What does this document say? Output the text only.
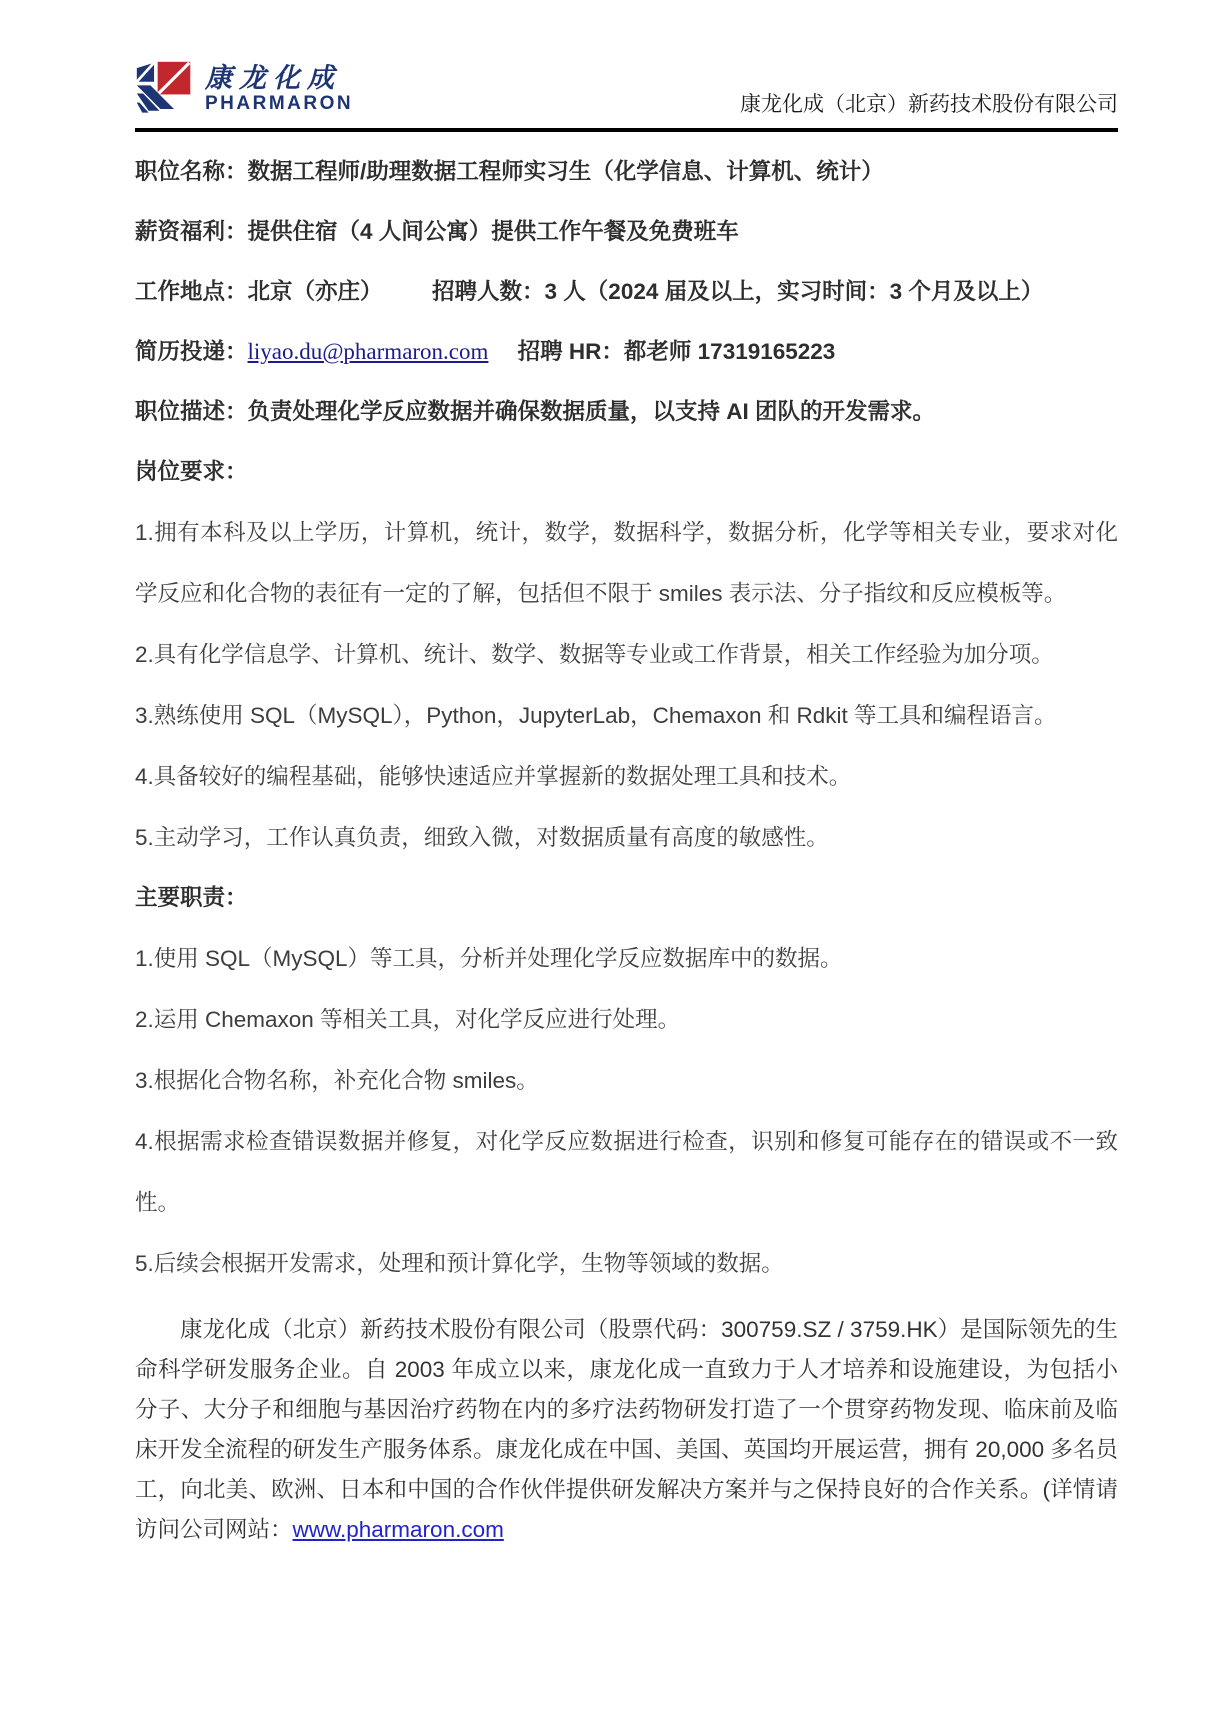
康龙化成
PHARMARON	康龙化成（北京）新药技术股份有限公司
职位名称：数据工程师/助理数据工程师实习生（化学信息、计算机、统计）
薪资福利：提供住宿（4 人间公寓）提供工作午餐及免费班车
工作地点：北京（亦庄） 招聘人数：3 人（2024 届及以上，实习时间：3 个月及以上）
简历投递：liyao.du@pharmaron.com 招聘 HR：都老师 17319165223
职位描述：负责处理化学反应数据并确保数据质量，以支持 AI 团队的开发需求。
岗位要求：
1.拥有本科及以上学历，计算机，统计，数学，数据科学，数据分析，化学等相关专业，要求对化学反应和化合物的表征有一定的了解，包括但不限于 smiles 表示法、分子指纹和反应模板等。
2.具有化学信息学、计算机、统计、数学、数据等专业或工作背景，相关工作经验为加分项。
3.熟练使用 SQL（MySQL），Python，JupyterLab，Chemaxon 和 Rdkit 等工具和编程语言。
4.具备较好的编程基础，能够快速适应并掌握新的数据处理工具和技术。
5.主动学习，工作认真负责，细致入微，对数据质量有高度的敏感性。
主要职责：
1.使用 SQL（MySQL）等工具，分析并处理化学反应数据库中的数据。
2.运用 Chemaxon 等相关工具，对化学反应进行处理。
3.根据化合物名称，补充化合物 smiles。
4.根据需求检查错误数据并修复，对化学反应数据进行检查，识别和修复可能存在的错误或不一致性。
5.后续会根据开发需求，处理和预计算化学，生物等领域的数据。
康龙化成（北京）新药技术股份有限公司（股票代码：300759.SZ / 3759.HK）是国际领先的生命科学研发服务企业。自 2003 年成立以来，康龙化成一直致力于人才培养和设施建设，为包括小分子、大分子和细胞与基因治疗药物在内的多疗法药物研发打造了一个贯穿药物发现、临床前及临床开发全流程的研发生产服务体系。康龙化成在中国、美国、英国均开展运营，拥有 20,000 多名员工，向北美、欧洲、日本和中国的合作伙伴提供研发解决方案并与之保持良好的合作关系。(详情请访问公司网站：www.pharmaron.com
